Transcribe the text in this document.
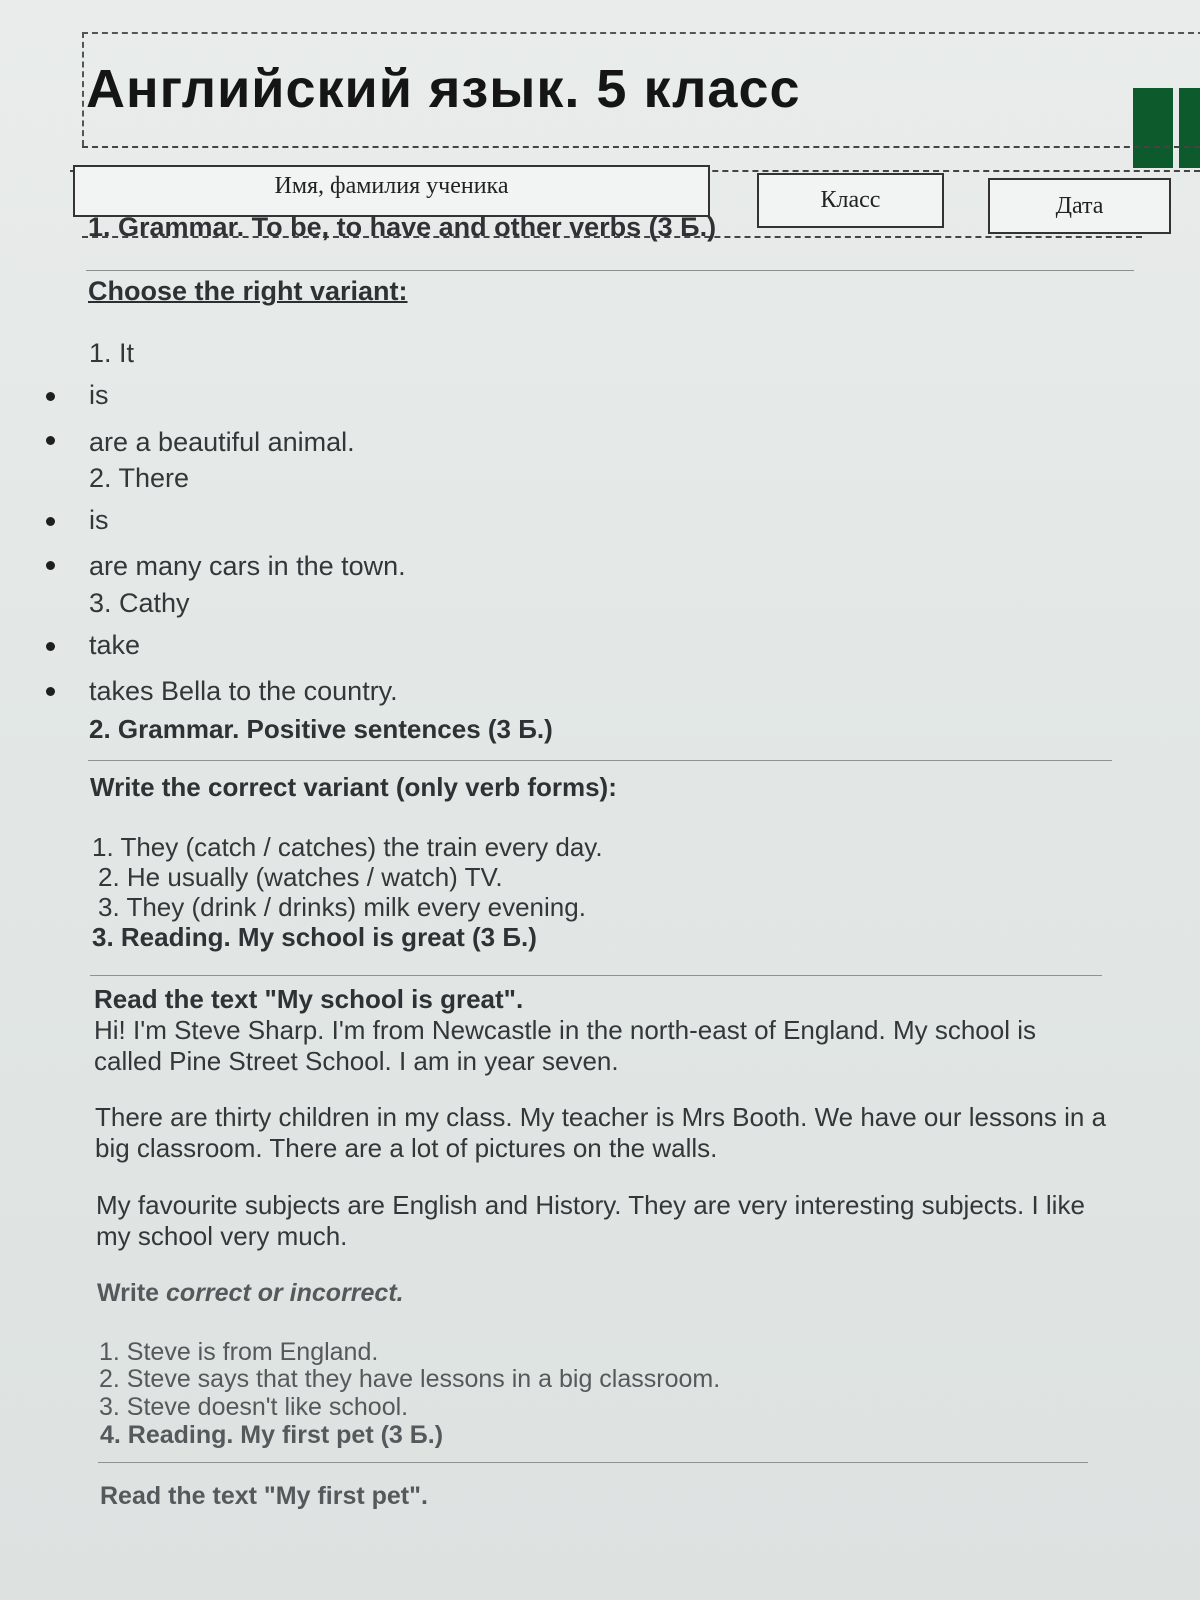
Английский язык. 5 класс
Имя, фамилия ученика
Класс	Дата
1. Grammar. To be, to have and other verbs (3 Б.)
Choose the right variant:
1. It
is
are a beautiful animal.
2. There
is
are many cars in the town.
3. Cathy
take
takes Bella to the country.
2. Grammar. Positive sentences (3 Б.)
Write the correct variant (only verb forms):
1. They (catch / catches) the train every day.
2. He usually (watches / watch) TV.
3. They (drink / drinks) milk every evening.
3. Reading. My school is great (3 Б.)
Read the text "My school is great".
Hi! I'm Steve Sharp. I'm from Newcastle in the north-east of England. My school is
called Pine Street School. I am in year seven.
There are thirty children in my class. My teacher is Mrs Booth. We have our lessons in a
big classroom. There are a lot of pictures on the walls.
My favourite subjects are English and History. They are very interesting subjects. I like
my school very much.
Write correct or incorrect.
1. Steve is from England.
2. Steve says that they have lessons in a big classroom.
3. Steve doesn't like school.
4. Reading. My first pet (3 Б.)
Read the text "My first pet".
